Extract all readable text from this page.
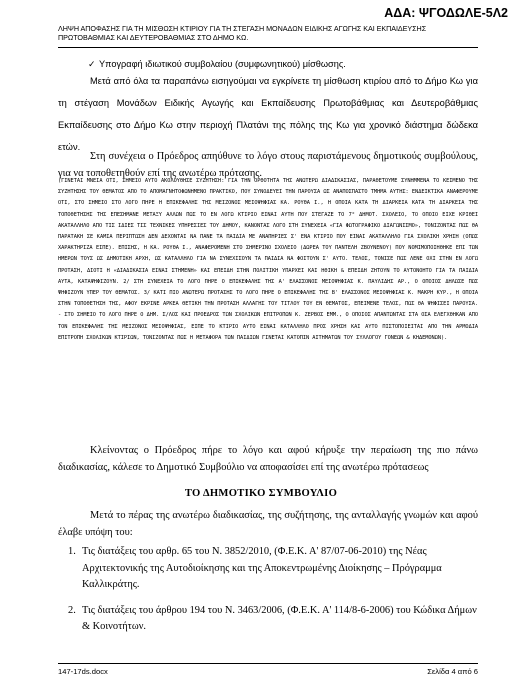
ΑΔΑ: ΨΓΟΔΩΛΕ-5Λ2
ΛΗΨΗ ΑΠΟΦΑΣΗΣ ΓΙΑ ΤΗ ΜΙΣΘΩΣΗ ΚΤΙΡΙΟΥ ΓΙΑ ΤΗ ΣΤΕΓΑΣΗ ΜΟΝΑΔΩΝ ΕΙΔΙΚΗΣ ΑΓΩΓΗΣ ΚΑΙ ΕΚΠΑΙΔΕΥΣΗΣ ΠΡΩΤΟΒΑΘΜΙΑΣ ΚΑΙ ΔΕΥΤΕΡΟΒΑΘΜΙΑΣ ΣΤΟ ΔΗΜΟ ΚΩ.
✓ Υπογραφή ιδιωτικού συμβολαίου (συμφωνητικού) μίσθωσης.

Μετά από όλα τα παραπάνω εισηγούμαι να εγκρίνετε τη μίσθωση κτιρίου από το Δήμο Κω για τη στέγαση Μονάδων Ειδικής Αγωγής και Εκπαίδευσης Πρωτοβάθμιας και Δευτεροβάθμιας Εκπαίδευσης στο Δήμο Κω στην περιοχή Πλατάνι της πόλης της Κω για χρονικό διάστημα δώδεκα ετών.

Στη συνέχεια ο Πρόεδρος απηύθυνε το λόγο στους παριστάμενους δημοτικούς συμβούλους, για να τοποθετηθούν επί της ανωτέρω πρότασης.

(ΓΙΝΕΤΑΙ ΜΝΕΙΑ ΟΤΙ, ΣΗΜΕΙΟ ΑΥΤΟ ΑΚΟΛΟΥΘΗΣΕ ΣΥΖΗΤΗΣΗ: ΓΙΑ ΤΗΝ ΟΡΘΟΤΗΤΑ ΤΗΣ ΑΝΩΤΕΡΩ ΔΙΑΔΙΚΑΣΙΑΣ, ΠΑΡΑΘΕΤΟΥΜΕ ΣΥΝΗΜΜΕΝΑ ΤΟ ΚΕΙΜΕΝΟ ΤΗΣ ΣΥΖΗΤΗΣΗΣ ΤΟΥ ΘΕΜΑΤΟΣ ΑΠΟ ΤΟ ΑΠΟΜΑΓΝΗΤΟΦΩΝΗΜΕΝΟ ΠΡΑΚΤΙΚΟ, ΠΟΥ ΣΥΝΟΔΕΥΕΙ ΤΗΝ ΠΑΡΟΥΣΑ ΩΣ ΑΝΑΠΟΣΠΑΣΤΟ ΤΜΗΜΑ ΑΥΤΗΣ: ΕΝΔΕΙΚΤΙΚΑ ΑΝΑΦΕΡΟΥΜΕ ΟΤΙ, ΣΤΟ ΣΗΜΕΙΟ ΣΤΟ ΛΟΓΟ ΠΗΡΕ Η ΕΠΙΚΕΦΑΛΗΣ ΤΗΣ ΜΕΙΖΟΝΟΣ ΜΕΙΟΨΗΦΙΑΣ ΚΑ. ΡΟΥΘΑ Ι., Η ΟΠΟΙΑ ΚΑΤΑ ΤΗ ΔΙΑΡΚΕΙΑ ΚΑΤΑ ΤΗ ΔΙΑΡΚΕΙΑ ΤΗΣ ΤΟΠΟΘΕΤΗΣΗΣ ΤΗΣ ΕΠΕΣΗΜΑΝΕ ΜΕΤΑΞΥ ΑΛΛΩΝ ΠΩΣ ΤΟ ΕΝ ΛΟΓΩ ΚΤΙΡΙΟ ΕΙΝΑΙ ΑΥΤΗ ΠΟΥ ΣΤΕΓΑΖΕ ΤΟ 7° ΔΗΜΟΤ. ΣΧΟΛΕΙΟ, ΤΟ ΟΠΟΙΟ ΕΙΧΕ ΚΡΙΘΕΙ ΑΚΑΤΑΛΛΗΛΟ ΑΠΟ ΤΙΣ ΙΔΙΕΣ ΤΙΣ ΤΕΧΝΙΚΕΣ ΥΠΗΡΕΣΙΕΣ ΤΟΥ ΔΗΜΟΥ, ΚΑΝΟΝΤΑΣ ΛΟΓΟ ΣΤΗ ΣΥΝΕΧΕΙΑ «ΓΙΑ ΦΩΤΟΓΡΑΦΙΚΟ ΔΙΑΓΩΝΙΣΜΟ», ΤΟΝΙΖΟΝΤΑΣ ΠΩΣ ΘΑ ΠΑΡΑΤΑΚΗ ΣΕ ΚΑΜΙΑ ΠΕΡΙΠΤΩΣΗ ΔΕΝ ΔΕΧΟΝΤΑΙ ΝΑ ΠΑΝΕ ΤΑ ΠΑΙΔΙΑ ΜΕ ΑΝΑΠΗΡΙΕΣ Σ' ΕΝΑ ΚΤΙΡΙΟ ΠΟΥ ΕΙΝΑΙ ΑΚΑΤΑΛΛΗΛΟ ΓΙΑ ΣΧΟΛΙΚΗ ΧΡΗΣΗ (ΟΠΩΣ ΧΑΡΑΚΤΗΡΙΖΑ ΕΙΠΕ). ΕΠΙΣΗΣ, Η ΚΑ. ΡΟΥΘΑ Ι., ΑΝΑΦΕΡΟΜΕΝΗ ΣΤΟ ΣΗΜΕΡΙΝΟ ΣΧΟΛΕΙΟ (ΔΩΡΕΑ ΤΟΥ ΠΑΝΤΕΛΗ ΖΒΟΥΝΕΝΟΥ) ΠΟΥ ΝΟΜΙΜΟΠΟΙΗΘΗΚΕ ΕΠΙ ΤΩΝ ΗΜΕΡΩΝ ΤΟΥΣ ΩΣ ΔΗΜΟΤΙΚΗ ΑΡΧΗ, ΩΣ ΚΑΤΑΛΛΗΛΟ ΓΙΑ ΝΑ ΣΥΝΕΧΙΣΟΥΝ ΤΑ ΠΑΙΔΙΑ ΝΑ ΦΟΙΤΟΥΝ Σ' ΑΥΤΟ. ΤΕΛΟΣ, ΤΟΝΙΣΕ ΠΩΣ ΛΕΝΕ ΟΧΙ ΣΤΗΝ ΕΝ ΛΟΓΩ ΠΡΟΤΑΣΗ, ΔΙΟΤΙ Η «ΔΙΑΔΙΚΑΣΙΑ ΕΙΝΑΙ ΣΤΗΜΕΝΗ» ΚΑΙ ΕΠΕΙΔΗ ΣΤΗΝ ΠΟΛΙΤΙΚΗ ΥΠΑΡΧΕΙ ΚΑΙ ΗΘΙΚΗ & ΕΠΕΙΔΗ ΖΗΤΟΥΝ ΤΟ ΑΥΤΟΝΟΗΤΟ ΓΙΑ ΤΑ ΠΑΙΔΙΑ ΑΥΤΑ, ΚΑΤΑΨΗΦΙΖΟΥΝ. 2/ ΣΤΗ ΣΥΝΕΧΕΙΑ ΤΟ ΛΟΓΟ ΠΗΡΕ Ο ΕΠΙΚΕΦΑΛΗΣ ΤΗΣ Α' ΕΛΑΣΣΟΝΟΣ ΜΕΙΟΨΗΦΙΑΣ Κ. ΠΑΥΛΙΔΗΣ ΑΡ., Ο ΟΠΟΙΟΣ ΔΗΛΩΣΕ ΠΩΣ ΨΗΦΙΖΟΥΝ ΥΠΕΡ ΤΟΥ ΘΕΜΑΤΟΣ. 3/ ΚΑΤΙ ΠΙΟ ΑΝΩΤΕΡΩ ΠΡΟΤΑΣΗΣ ΤΟ ΛΟΓΟ ΠΗΡΕ Ο ΕΠΙΚΕΦΑΛΗΣ ΤΗΣ Β' ΕΛΑΣΣΟΝΟΣ ΜΕΙΟΨΗΦΙΑΣ Κ. ΜΑΚΡΗ ΚΥΡ., Η ΟΠΟΙΑ ΣΤΗΝ ΤΟΠΟΘΕΤΗΣΗ ΤΗΣ, ΑΦΟΥ ΕΚΡΙΝΕ ΑΡΚΕΑ ΘΕΤΙΚΗ ΤΗΝ ΠΡΟΤΑΣΗ ΑΛΛΑΓΗΣ ΤΟΥ ΤΙΤΛΟΥ ΤΟΥ ΕΝ ΘΕΜΑΤΟΣ, ΕΠΕΙΜΕΝΕ ΤΕΛΟΣ, ΠΩΣ ΘΑ ΨΗΦΙΣΕΙ ΠΑΡΟΥΣΑ. - ΣΤΟ ΣΗΜΕΙΟ ΤΟ ΛΟΓΟ ΠΗΡΕ Ο ΔΗΜ. Σ/ΛΟΣ ΚΑΙ ΠΡΟΕΔΡΟΣ ΤΩΝ ΣΧΟΛΙΚΩΝ ΕΠΙΤΡΟΠΩΝ Κ. ΖΕΡΒΟΣ ΕΜΜ., Ο ΟΠΟΙΟΣ ΑΠΑΝΤΩΝΤΑΣ ΣΤΑ ΟΣΑ ΕΛΕΓΧΘΗΚΑΝ ΑΠΟ ΤΟΝ ΕΠΙΚΕΦΑΛΗΣ ΤΗΣ ΜΕΙΖΟΝΟΣ ΜΕΙΟΨΗΦΙΑΣ, ΕΙΠΕ ΤΟ ΚΤΙΡΙΟ ΑΥΤΟ ΕΙΝΑΙ ΚΑΤΑΛΛΗΛΟ ΠΡΟΣ ΧΡΗΣΗ ΚΑΙ ΑΥΤΟ ΠΙΣΤΟΠΟΙΕΙΤΑΙ ΑΠΟ ΤΗΝ ΑΡΜΟΔΙΑ ΕΠΙΤΡΟΠΗ ΣΧΟΛΙΚΩΝ ΚΤΙΡΙΩΝ, ΤΟΝΙΖΟΝΤΑΣ ΠΩΣ Η ΜΕΤΑΦΟΡΑ ΤΩΝ ΠΑΙΔΙΩΝ ΓΙΝΕΤΑΙ ΚΑΤΟΠΙΝ ΑΙΤΗΜΑΤΩΝ ΤΟΥ ΣΥΛΛΟΓΟΥ ΓΟΝΕΩΝ & ΚΗΔΕΜΟΝΩΝ).

Κλείνοντας ο Πρόεδρος πήρε το λόγο και αφού κήρυξε την περαίωση της πιο πάνω διαδικασίας, κάλεσε το Δημοτικό Συμβούλιο να αποφασίσει επί της ανωτέρω πρότασεως

ΤΟ ΔΗΜΟΤΙΚΟ ΣΥΜΒΟΥΛΙΟ

Μετά το πέρας της ανωτέρω διαδικασίας, της συζήτησης, της ανταλλαγής γνωμών και αφού έλαβε υπόψη του:

1. Τις διατάξεις του αρθρ. 65 του Ν. 3852/2010, (Φ.Ε.Κ. Α' 87/07-06-2010) της Νέας Αρχιτεκτονικής της Αυτοδιοίκησης και της Αποκεντρωμένης Διοίκησης – Πρόγραμμα Καλλικράτης.
2. Τις διατάξεις του άρθρου 194 του Ν. 3463/2006, (Φ.Ε.Κ. Α' 114/8-6-2006) του Κώδικα Δήμων & Κοινοτήτων.
147-17ds.docx	Σελίδα 4 από 6
